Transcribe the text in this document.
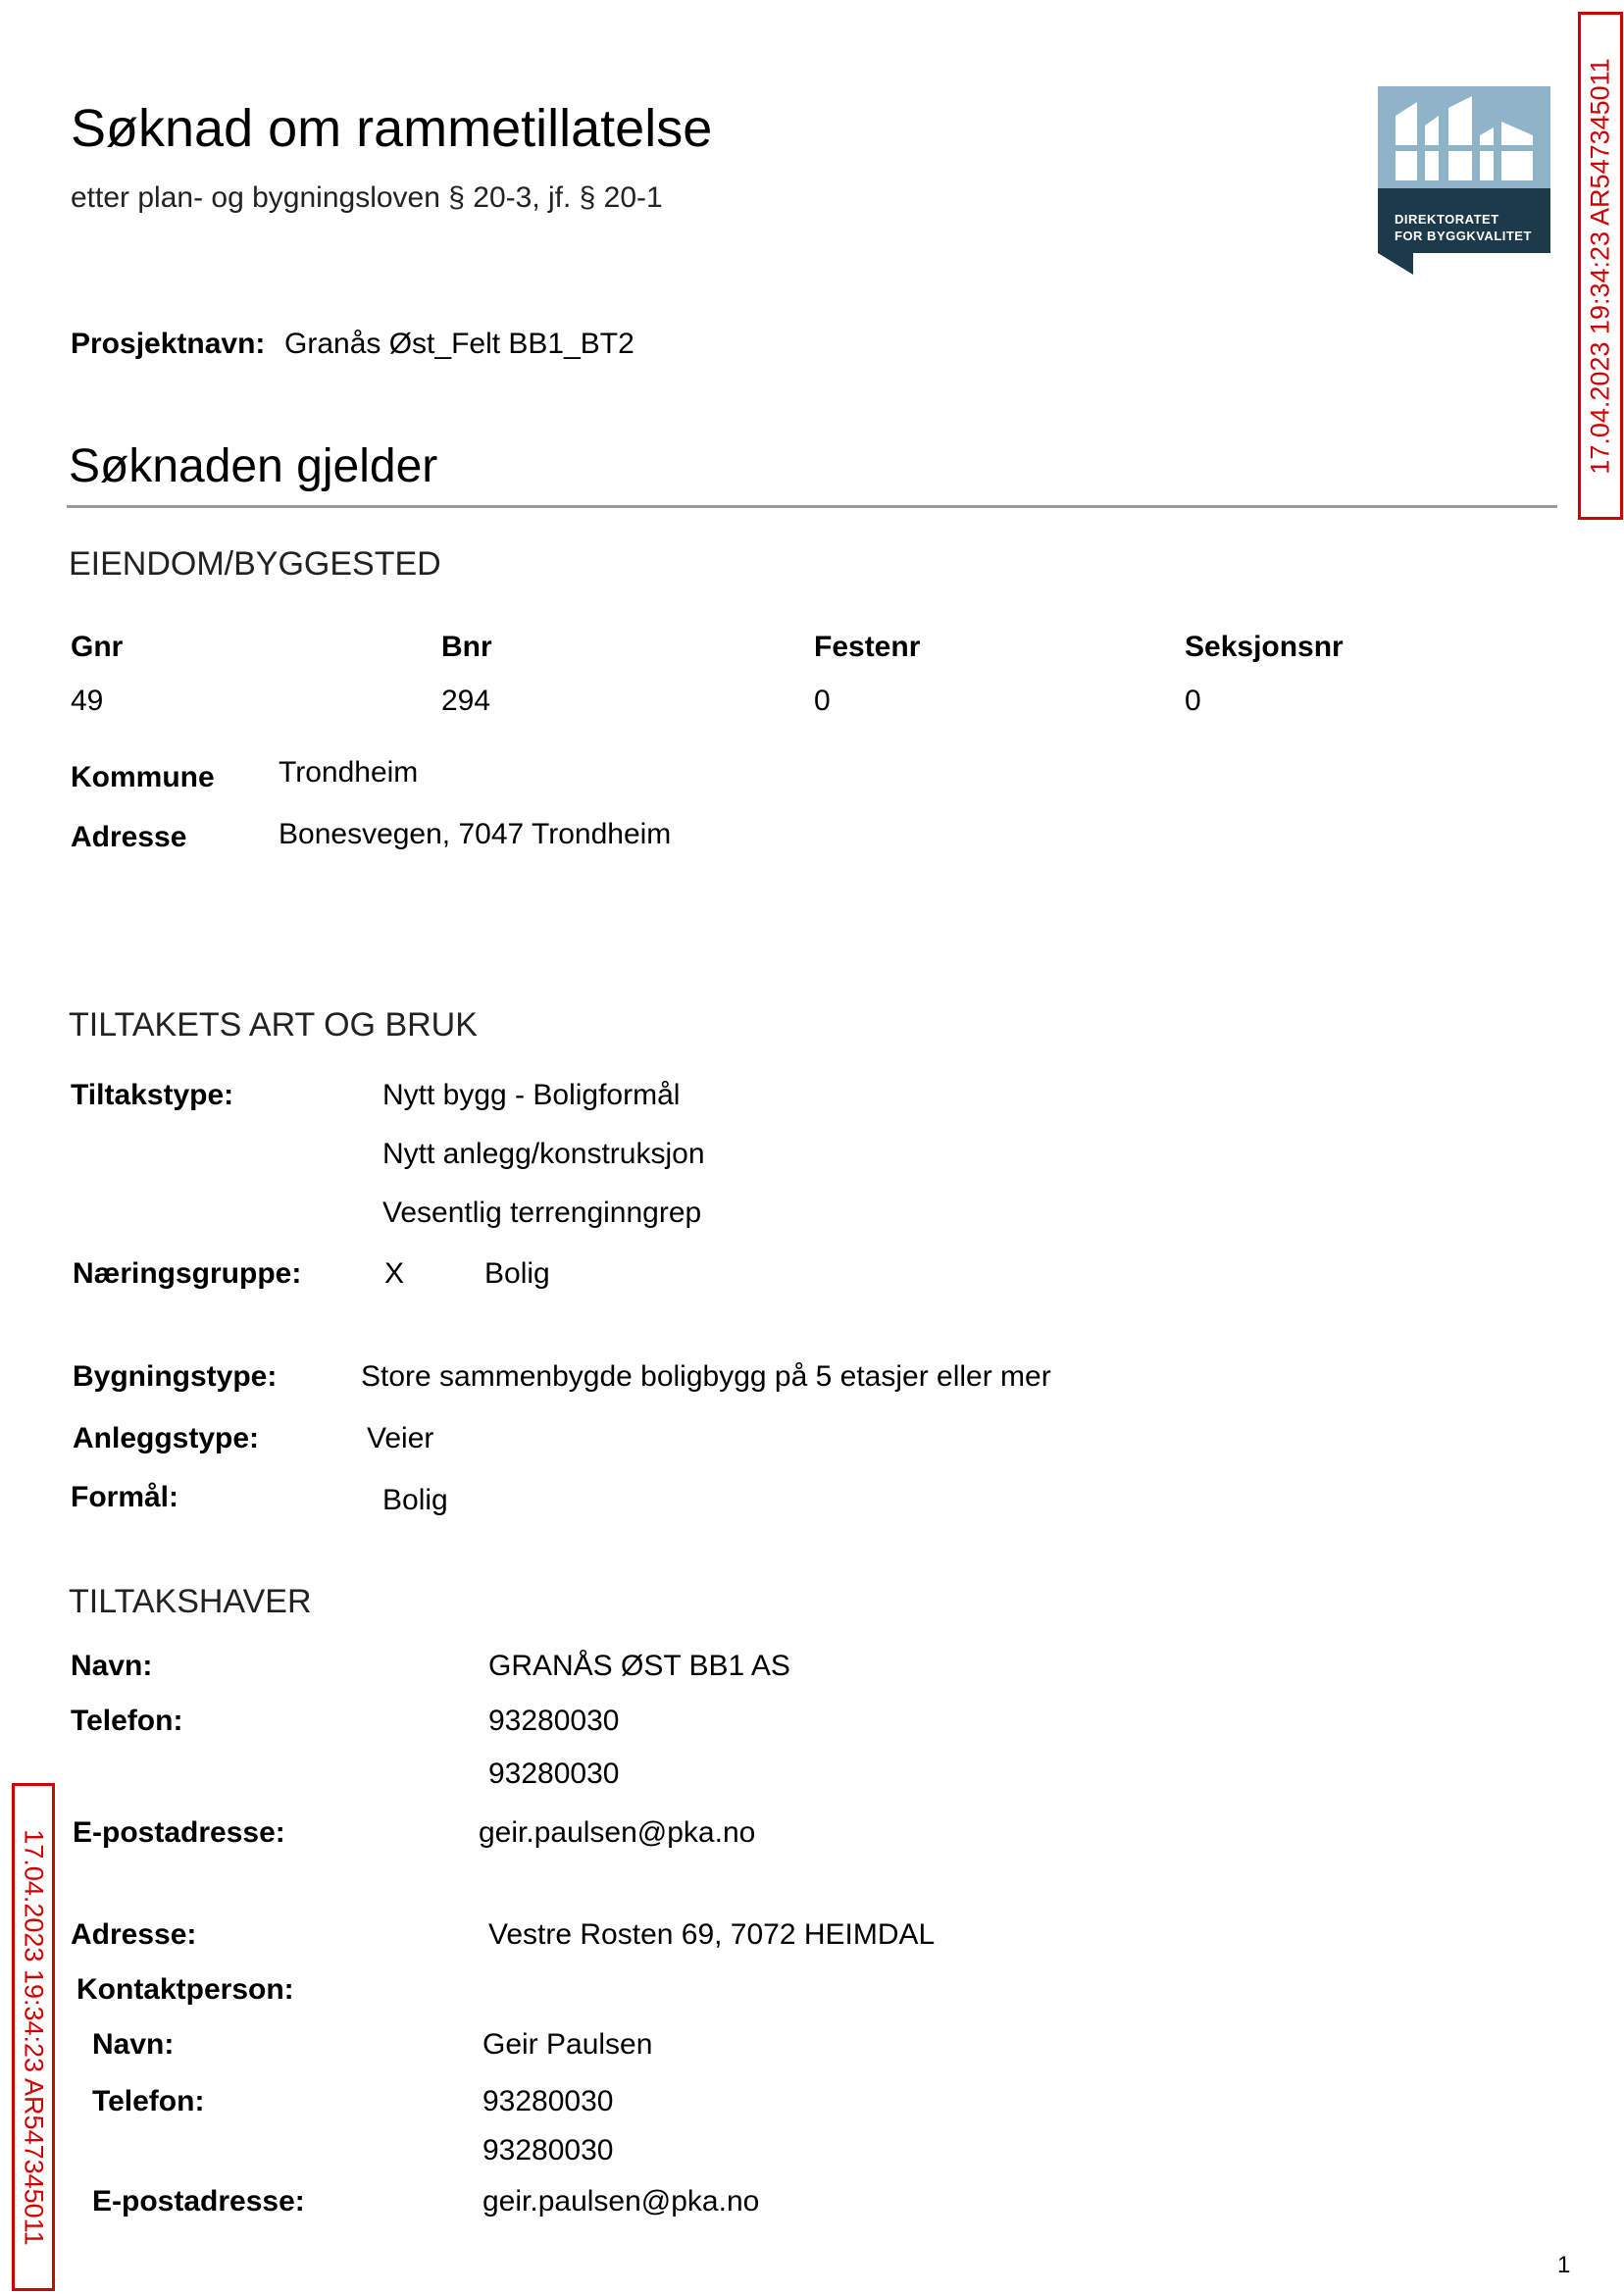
Søknad om rammetillatelse
etter plan- og bygningsloven § 20-3, jf. § 20-1
DIREKTORATET
FOR BYGGKVALITET 17.04.2023 19:34:23 AR547345011
17.04.2023 19:34:23 AR547345011
Prosjektnavn: Granås Øst_Felt BB1_BT2
Søknaden gjelder
EIENDOM/BYGGESTED
Gnr	Bnr	Festenr	Seksjonsnr
49	294	0	0
Kommune Trondheim
Adresse	Bonesvegen, 7047 Trondheim
TILTAKETS ART OG BRUK
Tiltakstype:	Nytt bygg - Boligformål
Nytt anlegg/konstruksjon
Vesentlig terrenginngrep
Næringsgruppe:	X	Bolig
Bygningstype:	Store sammenbygde boligbygg på 5 etasjer eller mer
Anleggstype:	Veier
Formål:	Bolig
TILTAKSHAVER
Navn:	GRANÅS ØST BB1 AS
Telefon:	93280030
93280030
E-postadresse:	geir.paulsen@pka.no
Adresse:	Vestre Rosten 69, 7072 HEIMDAL
Kontaktperson:
Navn:	Geir Paulsen
Telefon:	93280030
93280030
E-postadresse:	geir.paulsen@pka.no
1
